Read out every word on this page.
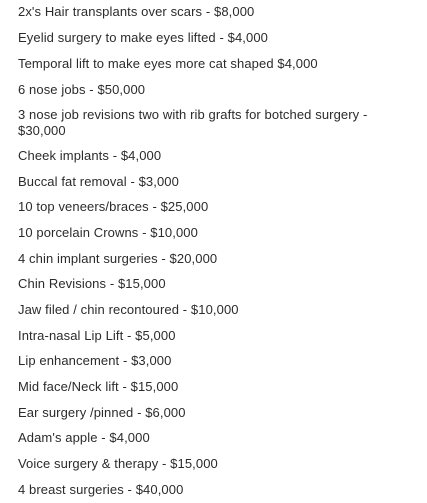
2x's Hair transplants over scars - $8,000
Eyelid surgery to make eyes lifted - $4,000
Temporal lift to make eyes more cat shaped $4,000
6 nose jobs - $50,000
3 nose job revisions two with rib grafts for botched surgery - $30,000
Cheek implants - $4,000
Buccal fat removal - $3,000
10 top veneers/braces - $25,000
10 porcelain Crowns - $10,000
4 chin implant surgeries - $20,000
Chin Revisions - $15,000
Jaw filed / chin recontoured - $10,000
Intra-nasal Lip Lift - $5,000
Lip enhancement - $3,000
Mid face/Neck lift - $15,000
Ear surgery /pinned - $6,000
Adam's apple - $4,000
Voice surgery & therapy - $15,000
4 breast surgeries - $40,000
